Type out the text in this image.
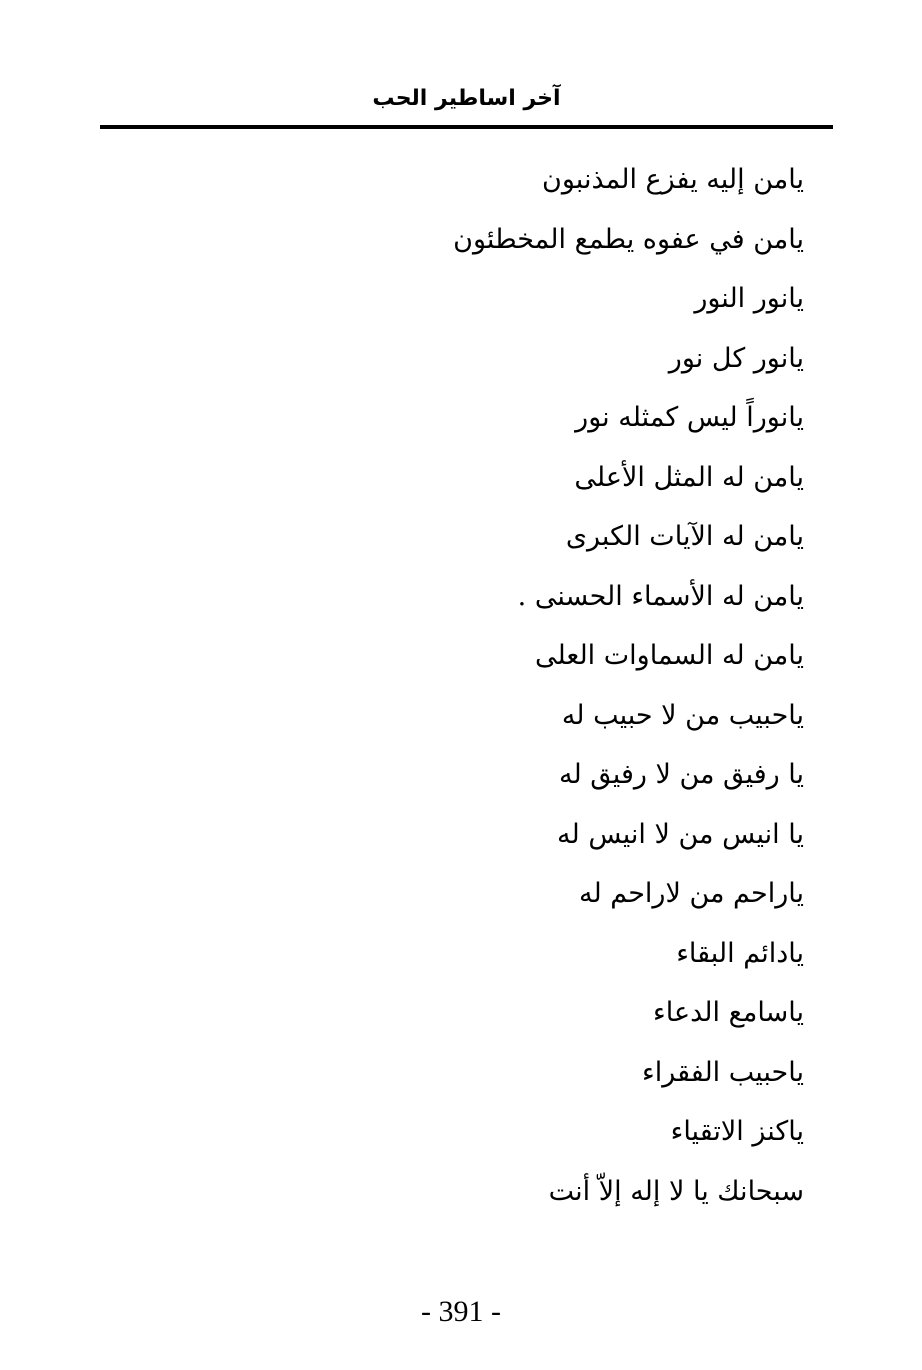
آخر اساطير الحب
يامن إليه يفزع المذنبون
يامن في عفوه يطمع المخطئون
يانور النور
يانور كل نور
يانوراً ليس كمثله نور
يامن له المثل الأعلى
يامن له الآيات الكبرى
يامن له الأسماء الحسنى .
يامن له السماوات العلى
ياحبيب من لا حبيب له
يا رفيق من لا رفيق له
يا انيس من لا انيس له
ياراحم من لاراحم له
يادائم البقاء
ياسامع الدعاء
ياحبيب الفقراء
ياكنز الاتقياء
سبحانك يا لا إله إلاّ أنت
- 391 -
